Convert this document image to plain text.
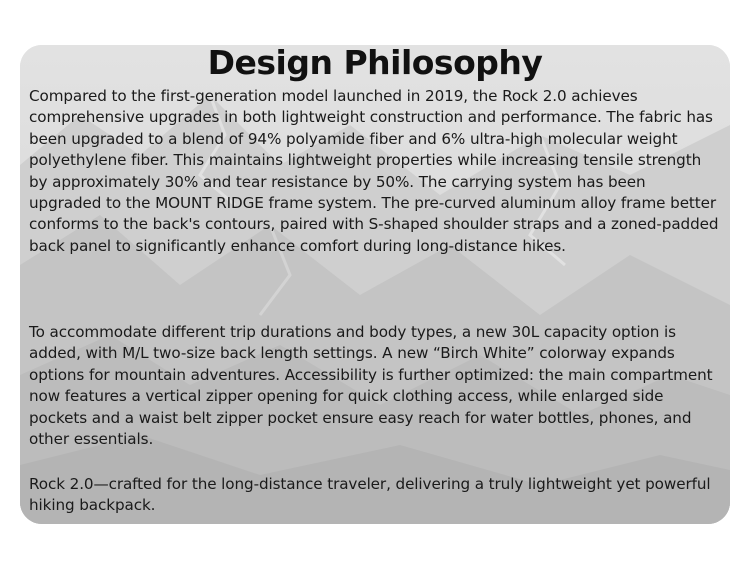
Design Philosophy

Compared to the first-generation model launched in 2019, the Rock 2.0 achieves comprehensive upgrades in both lightweight construction and performance. The fabric has been upgraded to a blend of 94% polyamide fiber and 6% ultra-high molecular weight polyethylene fiber. This maintains lightweight properties while increasing tensile strength by approximately 30% and tear resistance by 50%. The carrying system has been upgraded to the MOUNT RIDGE frame system. The pre-curved aluminum alloy frame better conforms to the back's contours, paired with S-shaped shoulder straps and a zoned-padded back panel to significantly enhance comfort during long-distance hikes.

To accommodate different trip durations and body types, a new 30L capacity option is added, with M/L two-size back length settings. A new “Birch White” colorway expands options for mountain adventures. Accessibility is further optimized: the main compartment now features a vertical zipper opening for quick clothing access, while enlarged side pockets and a waist belt zipper pocket ensure easy reach for water bottles, phones, and other essentials.

Rock 2.0—crafted for the long-distance traveler, delivering a truly lightweight yet powerful hiking backpack.
